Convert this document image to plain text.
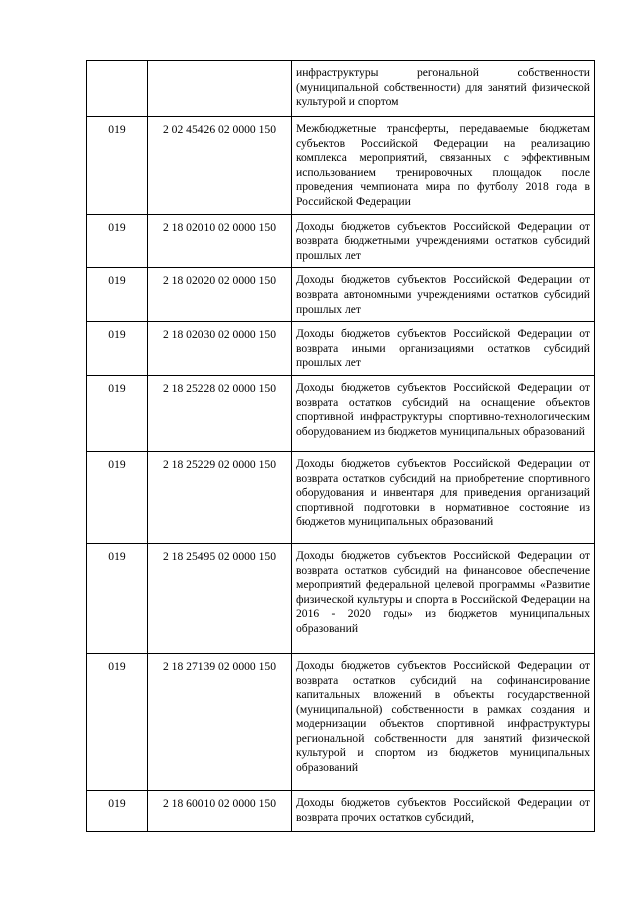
		инфраструктуры регональной собственности (муниципальной собственности) для занятий физической культурой и спортом
019	2 02 45426 02 0000 150	Межбюджетные трансферты, передаваемые бюджетам субъектов Российской Федерации на реализацию комплекса мероприятий, связанных с эффективным использованием тренировочных площадок после проведения чемпионата мира по футболу 2018 года в Российской Федерации
019	2 18 02010 02 0000 150	Доходы бюджетов субъектов Российской Федерации от возврата бюджетными учреждениями остатков субсидий прошлых лет
019	2 18 02020 02 0000 150	Доходы бюджетов субъектов Российской Федерации от возврата автономными учреждениями остатков субсидий прошлых лет
019	2 18 02030 02 0000 150	Доходы бюджетов субъектов Российской Федерации от возврата иными организациями остатков субсидий прошлых лет
019	2 18 25228 02 0000 150	Доходы бюджетов субъектов Российской Федерации от возврата остатков субсидий на оснащение объектов спортивной инфраструктуры спортивно-технологическим оборудованием из бюджетов муниципальных образований
019	2 18 25229 02 0000 150	Доходы бюджетов субъектов Российской Федерации от возврата остатков субсидий на приобретение спортивного оборудования и инвентаря для приведения организаций спортивной подготовки в нормативное состояние из бюджетов муниципальных образований
019	2 18 25495 02 0000 150	Доходы бюджетов субъектов Российской Федерации от возврата остатков субсидий на финансовое обеспечение мероприятий федеральной целевой программы «Развитие физической культуры и спорта в Российской Федерации на 2016 - 2020 годы» из бюджетов муниципальных образований
019	2 18 27139 02 0000 150	Доходы бюджетов субъектов Российской Федерации от возврата остатков субсидий на софинансирование капитальных вложений в объекты государственной (муниципальной) собственности в рамках создания и модернизации объектов спортивной инфраструктуры региональной собственности для занятий физической культурой и спортом из бюджетов муниципальных образований
019	2 18 60010 02 0000 150	Доходы бюджетов субъектов Российской Федерации от возврата прочих остатков субсидий,
